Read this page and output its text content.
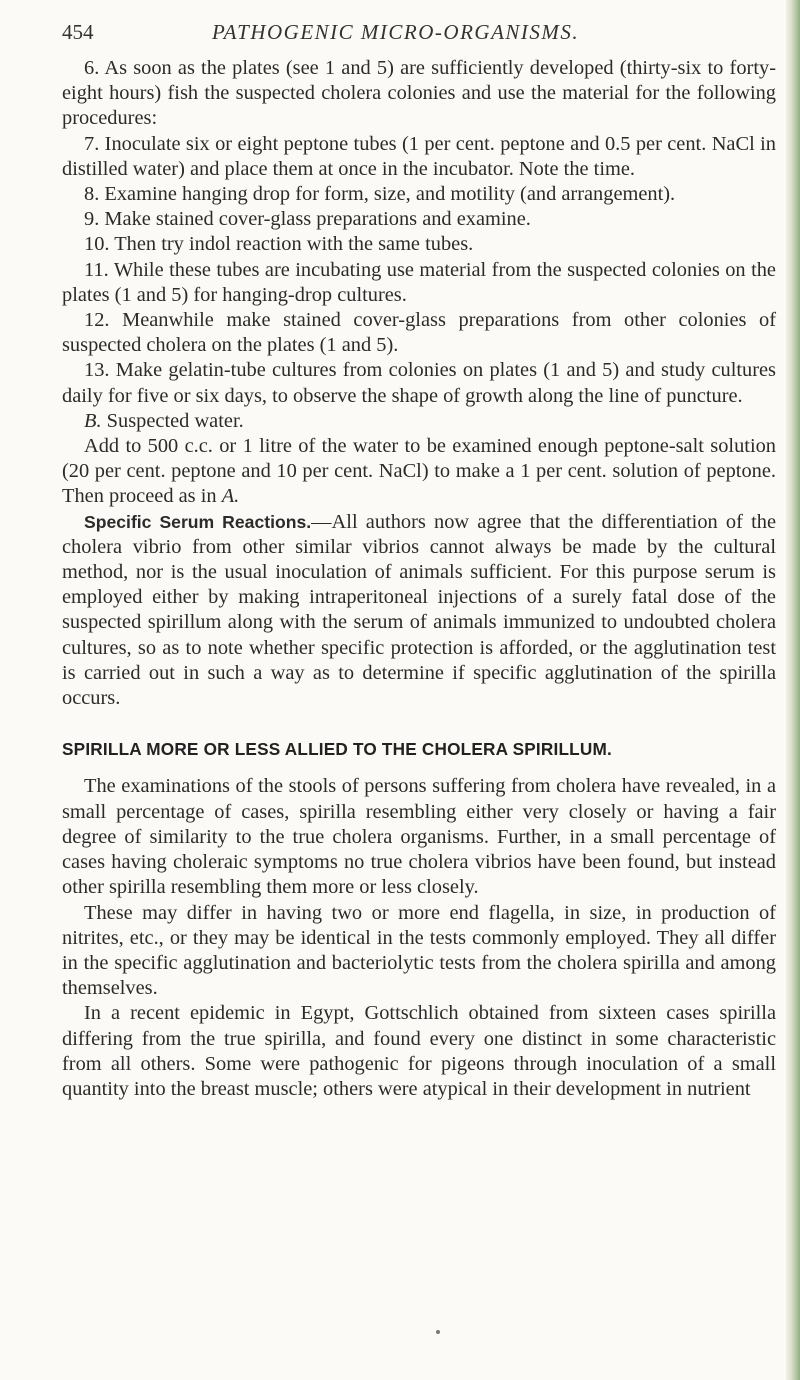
454	PATHOGENIC MICRO-ORGANISMS.

6. As soon as the plates (see 1 and 5) are sufficiently developed (thirty-six to forty-eight hours) fish the suspected cholera colonies and use the material for the following procedures:

7. Inoculate six or eight peptone tubes (1 per cent. peptone and 0.5 per cent. NaCl in distilled water) and place them at once in the incubator. Note the time.

8. Examine hanging drop for form, size, and motility (and arrangement).

9. Make stained cover-glass preparations and examine.

10. Then try indol reaction with the same tubes.

11. While these tubes are incubating use material from the suspected colonies on the plates (1 and 5) for hanging-drop cultures.

12. Meanwhile make stained cover-glass preparations from other colonies of suspected cholera on the plates (1 and 5).

13. Make gelatin-tube cultures from colonies on plates (1 and 5) and study cultures daily for five or six days, to observe the shape of growth along the line of puncture.

B. Suspected water.

Add to 500 c.c. or 1 litre of the water to be examined enough peptone-salt solution (20 per cent. peptone and 10 per cent. NaCl) to make a 1 per cent. solution of peptone. Then proceed as in A.

Specific Serum Reactions.—All authors now agree that the differentiation of the cholera vibrio from other similar vibrios cannot always be made by the cultural method, nor is the usual inoculation of animals sufficient. For this purpose serum is employed either by making intraperitoneal injections of a surely fatal dose of the suspected spirillum along with the serum of animals immunized to undoubted cholera cultures, so as to note whether specific protection is afforded, or the agglutination test is carried out in such a way as to determine if specific agglutination of the spirilla occurs.

SPIRILLA MORE OR LESS ALLIED TO THE CHOLERA SPIRILLUM.

The examinations of the stools of persons suffering from cholera have revealed, in a small percentage of cases, spirilla resembling either very closely or having a fair degree of similarity to the true cholera organisms. Further, in a small percentage of cases having choleraic symptoms no true cholera vibrios have been found, but instead other spirilla resembling them more or less closely.

These may differ in having two or more end flagella, in size, in production of nitrites, etc., or they may be identical in the tests commonly employed. They all differ in the specific agglutination and bacteriolytic tests from the cholera spirilla and among themselves.

In a recent epidemic in Egypt, Gottschlich obtained from sixteen cases spirilla differing from the true spirilla, and found every one distinct in some characteristic from all others. Some were pathogenic for pigeons through inoculation of a small quantity into the breast muscle; others were atypical in their development in nutrient
